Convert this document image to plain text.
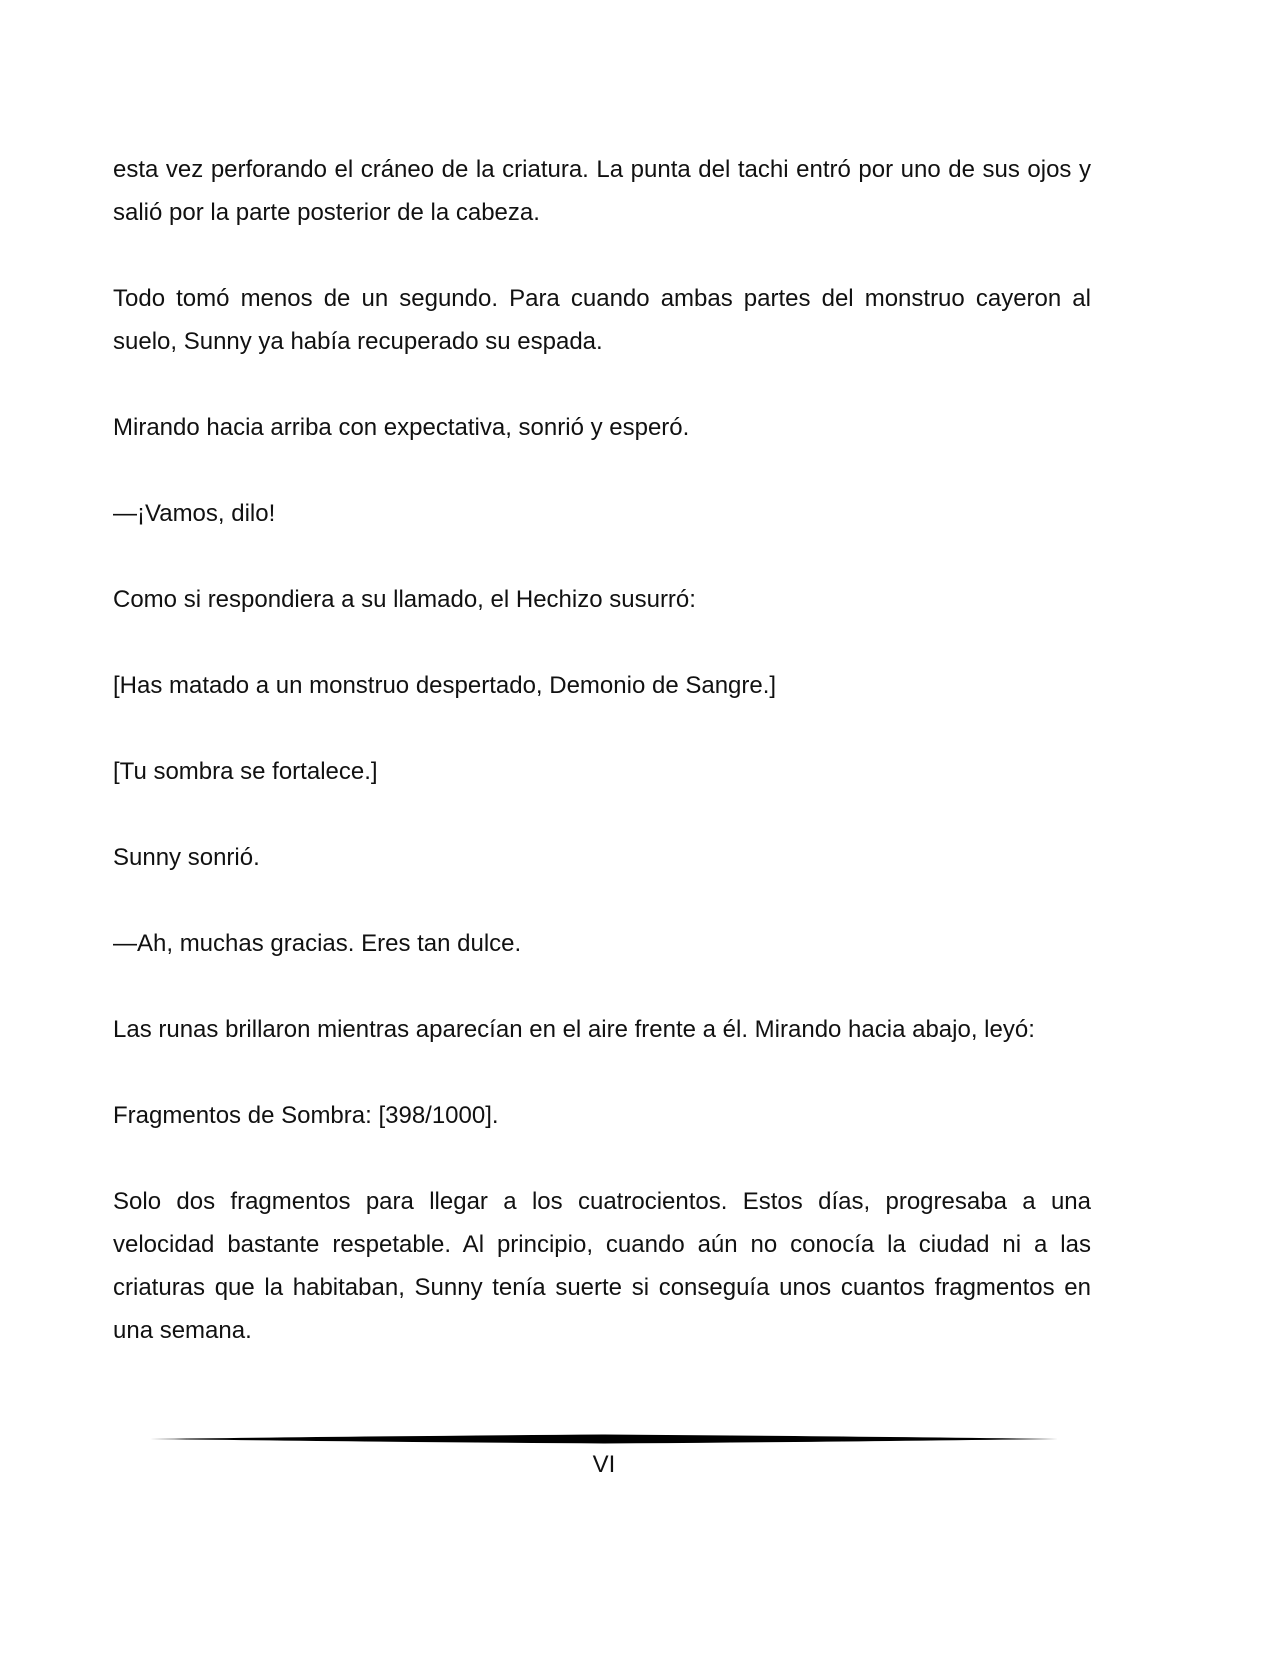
esta vez perforando el cráneo de la criatura. La punta del tachi entró por uno de sus ojos y salió por la parte posterior de la cabeza.

Todo tomó menos de un segundo. Para cuando ambas partes del monstruo cayeron al suelo, Sunny ya había recuperado su espada.

Mirando hacia arriba con expectativa, sonrió y esperó.

—¡Vamos, dilo!

Como si respondiera a su llamado, el Hechizo susurró:

[Has matado a un monstruo despertado, Demonio de Sangre.]

[Tu sombra se fortalece.]

Sunny sonrió.

—Ah, muchas gracias. Eres tan dulce.

Las runas brillaron mientras aparecían en el aire frente a él. Mirando hacia abajo, leyó:

Fragmentos de Sombra: [398/1000].

Solo dos fragmentos para llegar a los cuatrocientos. Estos días, progresaba a una velocidad bastante respetable. Al principio, cuando aún no conocía la ciudad ni a las criaturas que la habitaban, Sunny tenía suerte si conseguía unos cuantos fragmentos en una semana.

VI
